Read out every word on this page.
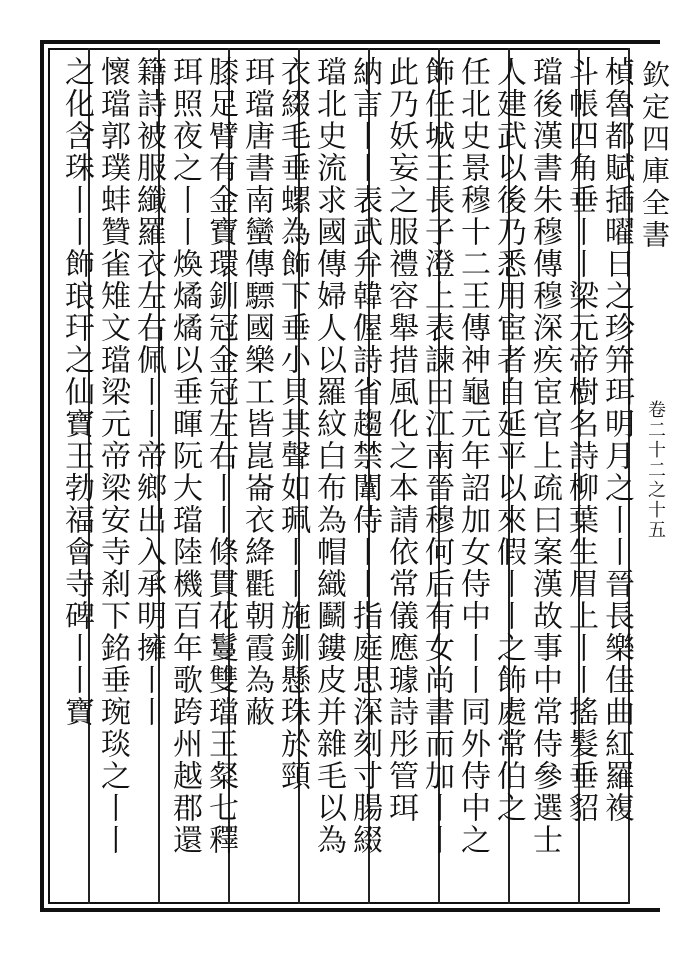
楨魯都賦插曜日之珍笄珥明月之丨丨晉長樂佳曲紅羅複
斗帳四角垂丨丨梁元帝樹名詩柳葉生眉上丨丨搖髮垂貂
璫後漢書朱穆傳穆深疾宦官上疏曰案漢故事中常侍參選士
人建武以後乃悉用宦者自延平以來假丨丨之飾處常伯之
任北史景穆十二王傳神龜元年詔加女侍中丨丨同外侍中之
飾任城王長子澄上表諫曰江南晉穆何后有女尚書而加丨丨
此乃妖妄之服禮容舉措風化之本請依常儀應璩詩彤管珥
納言丨丨表武弁韓偓詩省趨禁闈侍丨丨指庭思深刻寸腸綴
璫北史流求國傳婦人以羅紋白布為帽織鬬鏤皮并雜毛以為
衣綴毛垂螺為飾下垂小貝其聲如珮丨丨施釧懸珠於頸
珥璫唐書南蠻傳驃國樂工皆崑崙衣絳氍朝霞為蔽
膝足臂有金寶環釧冠金冠左右丨丨條貫花鬘雙璫王粲七釋
珥照夜之丨丨煥燏燏以垂暉阮大璫陸機百年歌跨州越郡還
籍詩被服纖羅衣左右佩丨丨帝鄉出入承明擁丨丨
懷璫郭璞蚌贊雀雉文璫梁元帝梁安寺刹下銘垂琬琰之丨丨
之化含珠丨丨飾琅玕之仙寶王勃福會寺碑丨丨寶	欽定四庫全書
卷二十二之十五
